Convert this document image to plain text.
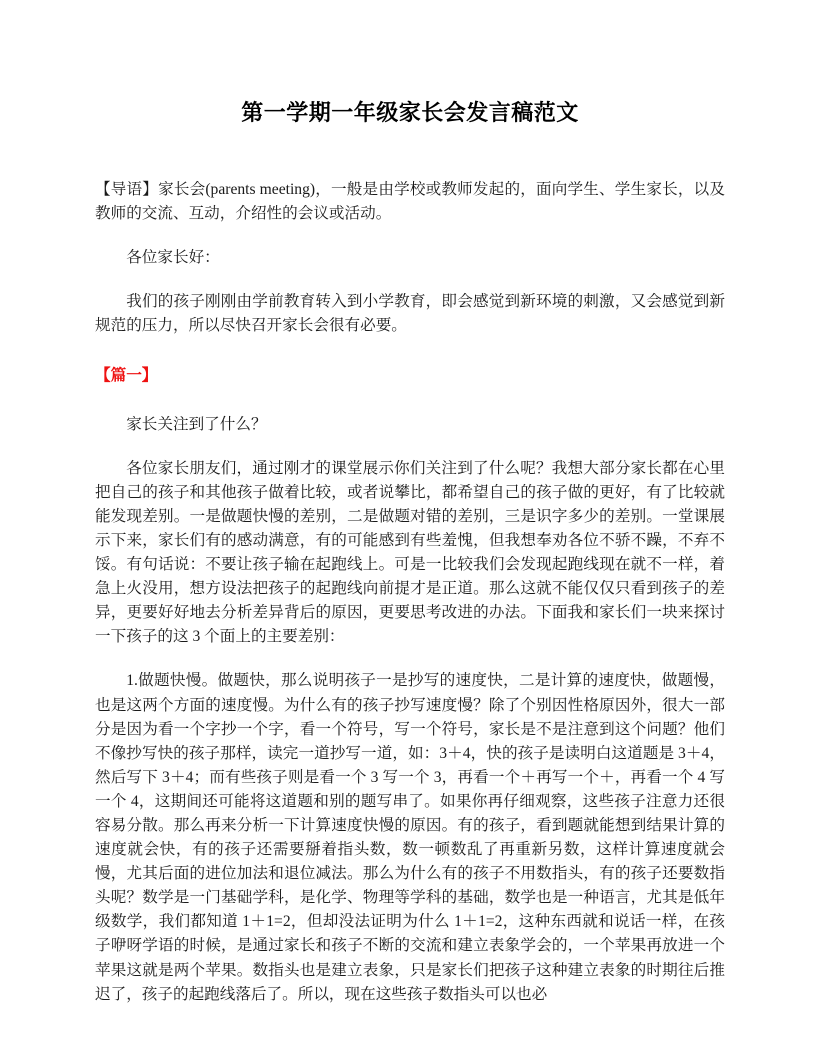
第一学期一年级家长会发言稿范文

【导语】家长会(parents meeting)，一般是由学校或教师发起的，面向学生、学生家长，以及教师的交流、互动，介绍性的会议或活动。

各位家长好：

我们的孩子刚刚由学前教育转入到小学教育，即会感觉到新环境的刺激，又会感觉到新规范的压力，所以尽快召开家长会很有必要。

【篇一】

家长关注到了什么？

各位家长朋友们，通过刚才的课堂展示你们关注到了什么呢？我想大部分家长都在心里把自己的孩子和其他孩子做着比较，或者说攀比，都希望自己的孩子做的更好，有了比较就能发现差别。一是做题快慢的差别，二是做题对错的差别，三是识字多少的差别。一堂课展示下来，家长们有的感动满意，有的可能感到有些羞愧，但我想奉劝各位不骄不躁，不弃不馁。有句话说：不要让孩子输在起跑线上。可是一比较我们会发现起跑线现在就不一样，着急上火没用，想方设法把孩子的起跑线向前提才是正道。那么这就不能仅仅只看到孩子的差异，更要好好地去分析差异背后的原因，更要思考改进的办法。下面我和家长们一块来探讨一下孩子的这 3 个面上的主要差别：

1.做题快慢。做题快，那么说明孩子一是抄写的速度快，二是计算的速度快，做题慢，也是这两个方面的速度慢。为什么有的孩子抄写速度慢？除了个别因性格原因外，很大一部分是因为看一个字抄一个字，看一个符号，写一个符号，家长是不是注意到这个问题？他们不像抄写快的孩子那样，读完一道抄写一道，如：3＋4，快的孩子是读明白这道题是 3＋4，然后写下 3＋4；而有些孩子则是看一个 3 写一个 3，再看一个＋再写一个＋，再看一个 4 写一个 4，这期间还可能将这道题和别的题写串了。如果你再仔细观察，这些孩子注意力还很容易分散。那么再来分析一下计算速度快慢的原因。有的孩子，看到题就能想到结果计算的速度就会快，有的孩子还需要掰着指头数，数一顿数乱了再重新另数，这样计算速度就会慢，尤其后面的进位加法和退位减法。那么为什么有的孩子不用数指头，有的孩子还要数指头呢？数学是一门基础学科，是化学、物理等学科的基础，数学也是一种语言，尤其是低年级数学，我们都知道 1＋1=2，但却没法证明为什么 1＋1=2，这种东西就和说话一样，在孩子咿呀学语的时候，是通过家长和孩子不断的交流和建立表象学会的，一个苹果再放进一个苹果这就是两个苹果。数指头也是建立表象，只是家长们把孩子这种建立表象的时期往后推迟了，孩子的起跑线落后了。所以，现在这些孩子数指头可以也必
